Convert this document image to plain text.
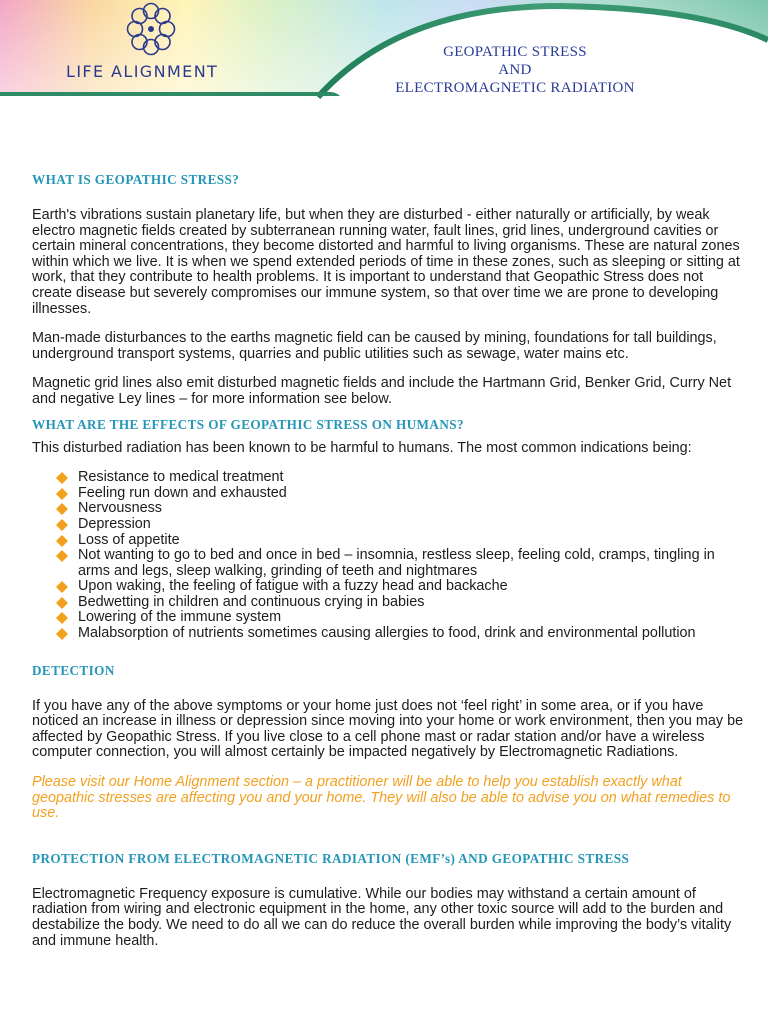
LIFE ALIGNMENT
GEOPATHIC STRESS
AND
ELECTROMAGNETIC RADIATION
WHAT IS GEOPATHIC STRESS?

Earth's vibrations sustain planetary life, but when they are disturbed - either naturally or artificially, by weak electro magnetic fields created by subterranean running water, fault lines, grid lines, underground cavities or certain mineral concentrations, they become distorted and harmful to living organisms. These are natural zones within which we live. It is when we spend extended periods of time in these zones, such as sleeping or sitting at work, that they contribute to health problems. It is important to understand that Geopathic Stress does not create disease but severely compromises our immune system, so that over time we are prone to developing illnesses.

Man-made disturbances to the earths magnetic field can be caused by mining, foundations for tall buildings, underground transport systems, quarries and public utilities such as sewage, water mains etc.

Magnetic grid lines also emit disturbed magnetic fields and include the Hartmann Grid, Benker Grid, Curry Net and negative Ley lines – for more information see below.

WHAT ARE THE EFFECTS OF GEOPATHIC STRESS ON HUMANS?

This disturbed radiation has been known to be harmful to humans. The most common indications being:

Resistance to medical treatment
Feeling run down and exhausted
Nervousness
Depression
Loss of appetite
Not wanting to go to bed and once in bed – insomnia, restless sleep, feeling cold, cramps, tingling in arms and legs, sleep walking, grinding of teeth and nightmares
Upon waking, the feeling of fatigue with a fuzzy head and backache
Bedwetting in children and continuous crying in babies
Lowering of the immune system
Malabsorption of nutrients sometimes causing allergies to food, drink and environmental pollution
DETECTION

If you have any of the above symptoms or your home just does not ‘feel right’ in some area, or if you have noticed an increase in illness or depression since moving into your home or work environment, then you may be affected by Geopathic Stress. If you live close to a cell phone mast or radar station and/or have a wireless computer connection, you will almost certainly be impacted negatively by Electromagnetic Radiations.

Please visit our Home Alignment section – a practitioner will be able to help you establish exactly what geopathic stresses are affecting you and your home. They will also be able to advise you on what remedies to use.

PROTECTION FROM ELECTROMAGNETIC RADIATION (EMF’s) AND GEOPATHIC STRESS

Electromagnetic Frequency exposure is cumulative. While our bodies may withstand a certain amount of radiation from wiring and electronic equipment in the home, any other toxic source will add to the burden and destabilize the body. We need to do all we can do reduce the overall burden while improving the body’s vitality and immune health.
